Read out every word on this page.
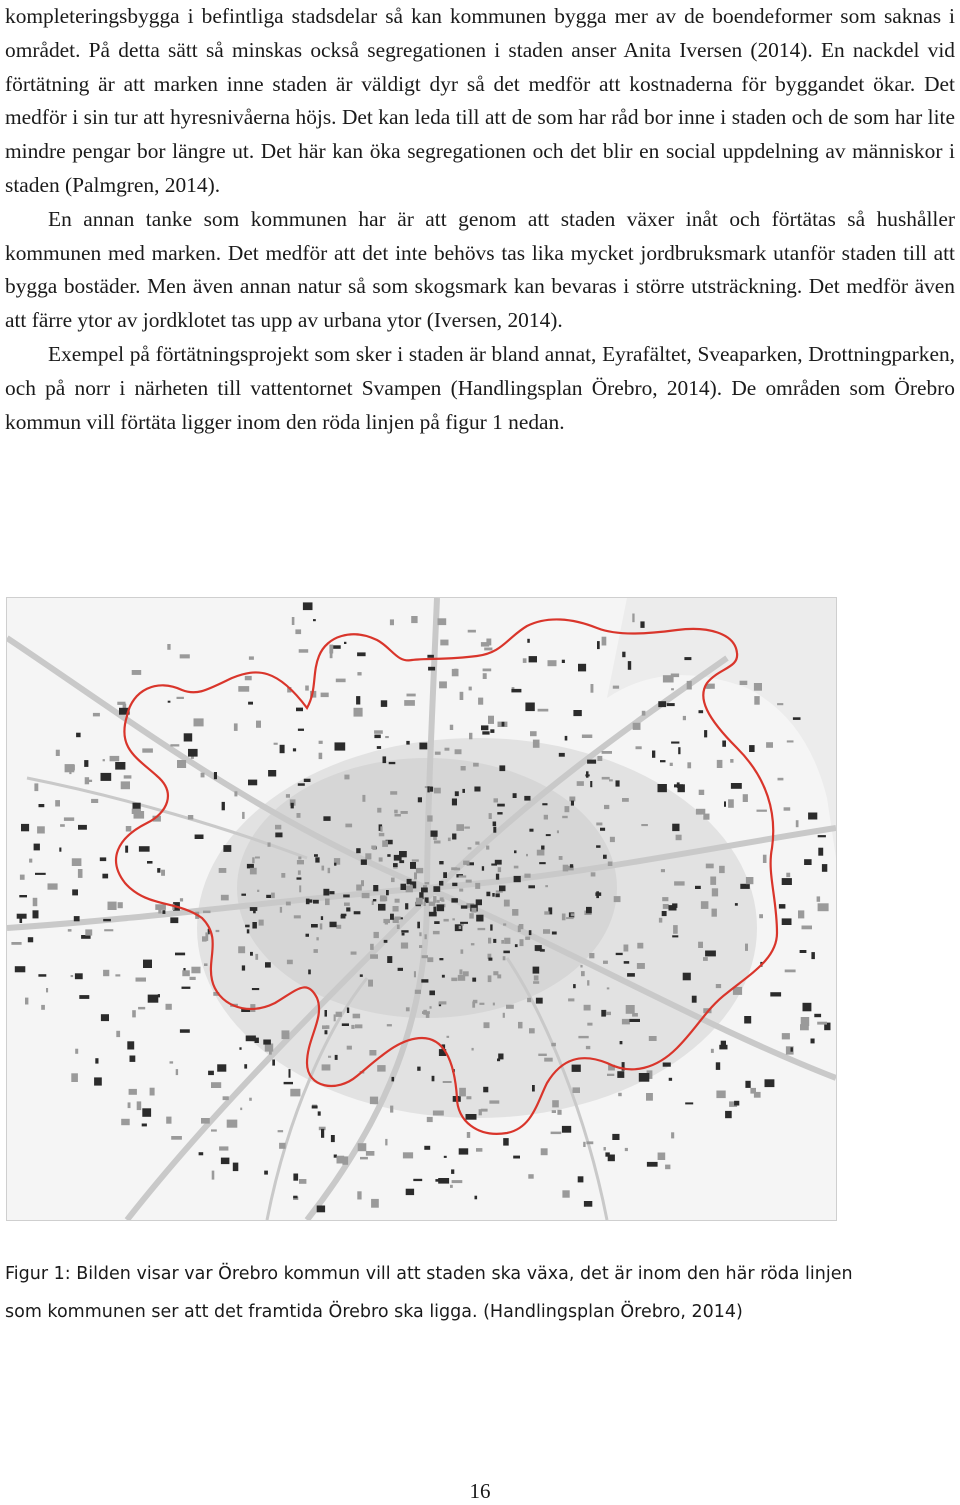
kompleteringsbygga i befintliga stadsdelar så kan kommunen bygga mer av de boendeformer som saknas i området. På detta sätt så minskas också segregationen i staden anser Anita Iversen (2014). En nackdel vid förtätning är att marken inne staden är väldigt dyr så det medför att kostnaderna för byggandet ökar. Det medför i sin tur att hyresnivåerna höjs. Det kan leda till att de som har råd bor inne i staden och de som har lite mindre pengar bor längre ut. Det här kan öka segregationen och det blir en social uppdelning av människor i staden (Palmgren, 2014).

En annan tanke som kommunen har är att genom att staden växer inåt och förtätas så hushåller kommunen med marken. Det medför att det inte behövs tas lika mycket jordbruksmark utanför staden till att bygga bostäder. Men även annan natur så som skogsmark kan bevaras i större utsträckning. Det medför även att färre ytor av jordklotet tas upp av urbana ytor (Iversen, 2014).

Exempel på förtätningsprojekt som sker i staden är bland annat, Eyrafältet, Sveaparken, Drottningparken, och på norr i närheten till vattentornet Svampen (Handlingsplan Örebro, 2014). De områden som Örebro kommun vill förtäta ligger inom den röda linjen på figur 1 nedan.

Figur 1: Bilden visar var Örebro kommun vill att staden ska växa, det är inom den här röda linjen

som kommunen ser att det framtida Örebro ska ligga. (Handlingsplan Örebro, 2014)

16
